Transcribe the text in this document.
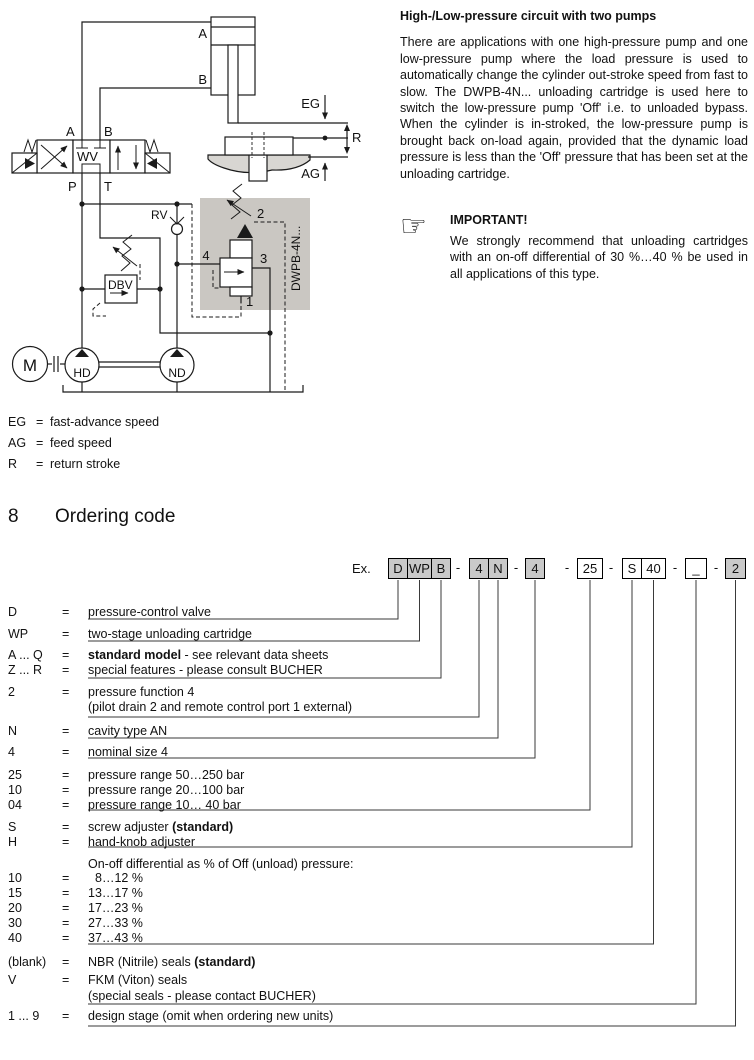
A
B
EG
R
AG
A B
WV
P T
RV
DBV
2
4	3
1
DWPB-4N...
M	HD	ND

High-/Low-pressure circuit with two pumps

There are applications with one high-pressure pump and one low-pressure pump where the load pressure is used to automatically change the cylinder out-stroke speed from fast to slow. The DWPB-4N... unloading cartridge is used here to switch the low-pressure pump 'Off' i.e. to unloaded bypass. When the cylinder is in-stroked, the low-pressure pump is brought back on-load again, provided that the dynamic load pressure is less than the 'Off' pressure that has been set at the unloading cartridge.

☞ IMPORTANT!

We strongly recommend that unloading cartridges with an on-off differential of 30 %…40 % be used in all applications of this type.

EG = fast-advance speed
AG = feed speed
R = return stroke
8 Ordering code
Ex.	D WP B -	4 N -	4	-	25 -	S 40 -	_	-	2
D	= pressure-control valve
WP	= two-stage unloading cartridge
A ... Q	= standard model - see relevant data sheets
Z ... R	= special features - please consult BUCHER
2	= pressure function 4
(pilot drain 2 and remote control port 1 external)
N	= cavity type AN
4	= nominal size 4
25	= pressure range 50…250 bar
10	= pressure range 20…100 bar
04	= pressure range 10… 40 bar
S	= screw adjuster (standard)
H	= hand-knob adjuster
On-off differential as % of Off (unload) pressure:
10	=	8…12 %
15	= 13…17 %
20	= 17…23 %
30	= 27…33 %
40	= 37…43 %
(blank)	= NBR (Nitrile) seals (standard)
V	= FKM (Viton) seals
(special seals - please contact BUCHER)
1 ... 9	= design stage (omit when ordering new units)
